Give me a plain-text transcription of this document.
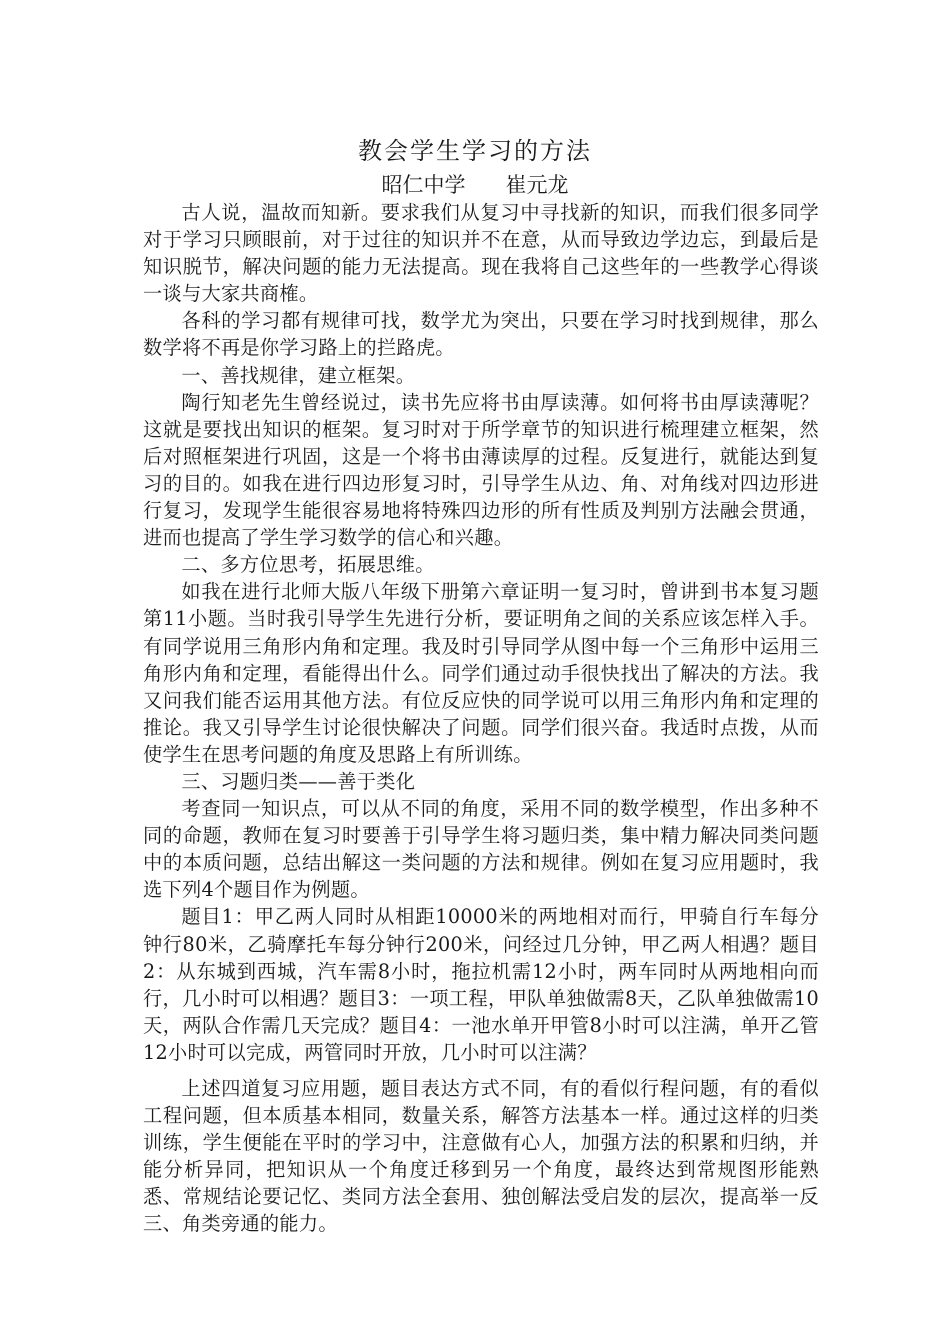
教会学生学习的方法
昭仁中学 崔元龙

古人说，温故而知新。要求我们从复习中寻找新的知识，而我们很多同学对于学习只顾眼前，对于过往的知识并不在意，从而导致边学边忘，到最后是知识脱节，解决问题的能力无法提高。现在我将自己这些年的一些教学心得谈一谈与大家共商榷。

各科的学习都有规律可找，数学尤为突出，只要在学习时找到规律，那么数学将不再是你学习路上的拦路虎。

一、善找规律，建立框架。

陶行知老先生曾经说过，读书先应将书由厚读薄。如何将书由厚读薄呢？这就是要找出知识的框架。复习时对于所学章节的知识进行梳理建立框架，然后对照框架进行巩固，这是一个将书由薄读厚的过程。反复进行，就能达到复习的目的。如我在进行四边形复习时，引导学生从边、角、对角线对四边形进行复习，发现学生能很容易地将特殊四边形的所有性质及判别方法融会贯通，进而也提高了学生学习数学的信心和兴趣。

二、多方位思考，拓展思维。

如我在进行北师大版八年级下册第六章证明一复习时，曾讲到书本复习题第11小题。当时我引导学生先进行分析，要证明角之间的关系应该怎样入手。有同学说用三角形内角和定理。我及时引导同学从图中每一个三角形中运用三角形内角和定理，看能得出什么。同学们通过动手很快找出了解决的方法。我又问我们能否运用其他方法。有位反应快的同学说可以用三角形内角和定理的推论。我又引导学生讨论很快解决了问题。同学们很兴奋。我适时点拨，从而使学生在思考问题的角度及思路上有所训练。

三、习题归类——善于类化

考查同一知识点，可以从不同的角度，采用不同的数学模型，作出多种不同的命题，教师在复习时要善于引导学生将习题归类，集中精力解决同类问题中的本质问题，总结出解这一类问题的方法和规律。例如在复习应用题时，我选下列4个题目作为例题。

题目1：甲乙两人同时从相距10000米的两地相对而行，甲骑自行车每分钟行80米，乙骑摩托车每分钟行200米，问经过几分钟，甲乙两人相遇？题目2：从东城到西城，汽车需8小时，拖拉机需12小时，两车同时从两地相向而行，几小时可以相遇？题目3：一项工程，甲队单独做需8天，乙队单独做需10天，两队合作需几天完成？题目4：一池水单开甲管8小时可以注满，单开乙管12小时可以完成，两管同时开放，几小时可以注满？

上述四道复习应用题，题目表达方式不同，有的看似行程问题，有的看似工程问题，但本质基本相同，数量关系，解答方法基本一样。通过这样的归类训练，学生便能在平时的学习中，注意做有心人，加强方法的积累和归纳，并能分析异同，把知识从一个角度迁移到另一个角度，最终达到常规图形能熟悉、常规结论要记忆、类同方法全套用、独创解法受启发的层次，提高举一反三、角类旁通的能力。
